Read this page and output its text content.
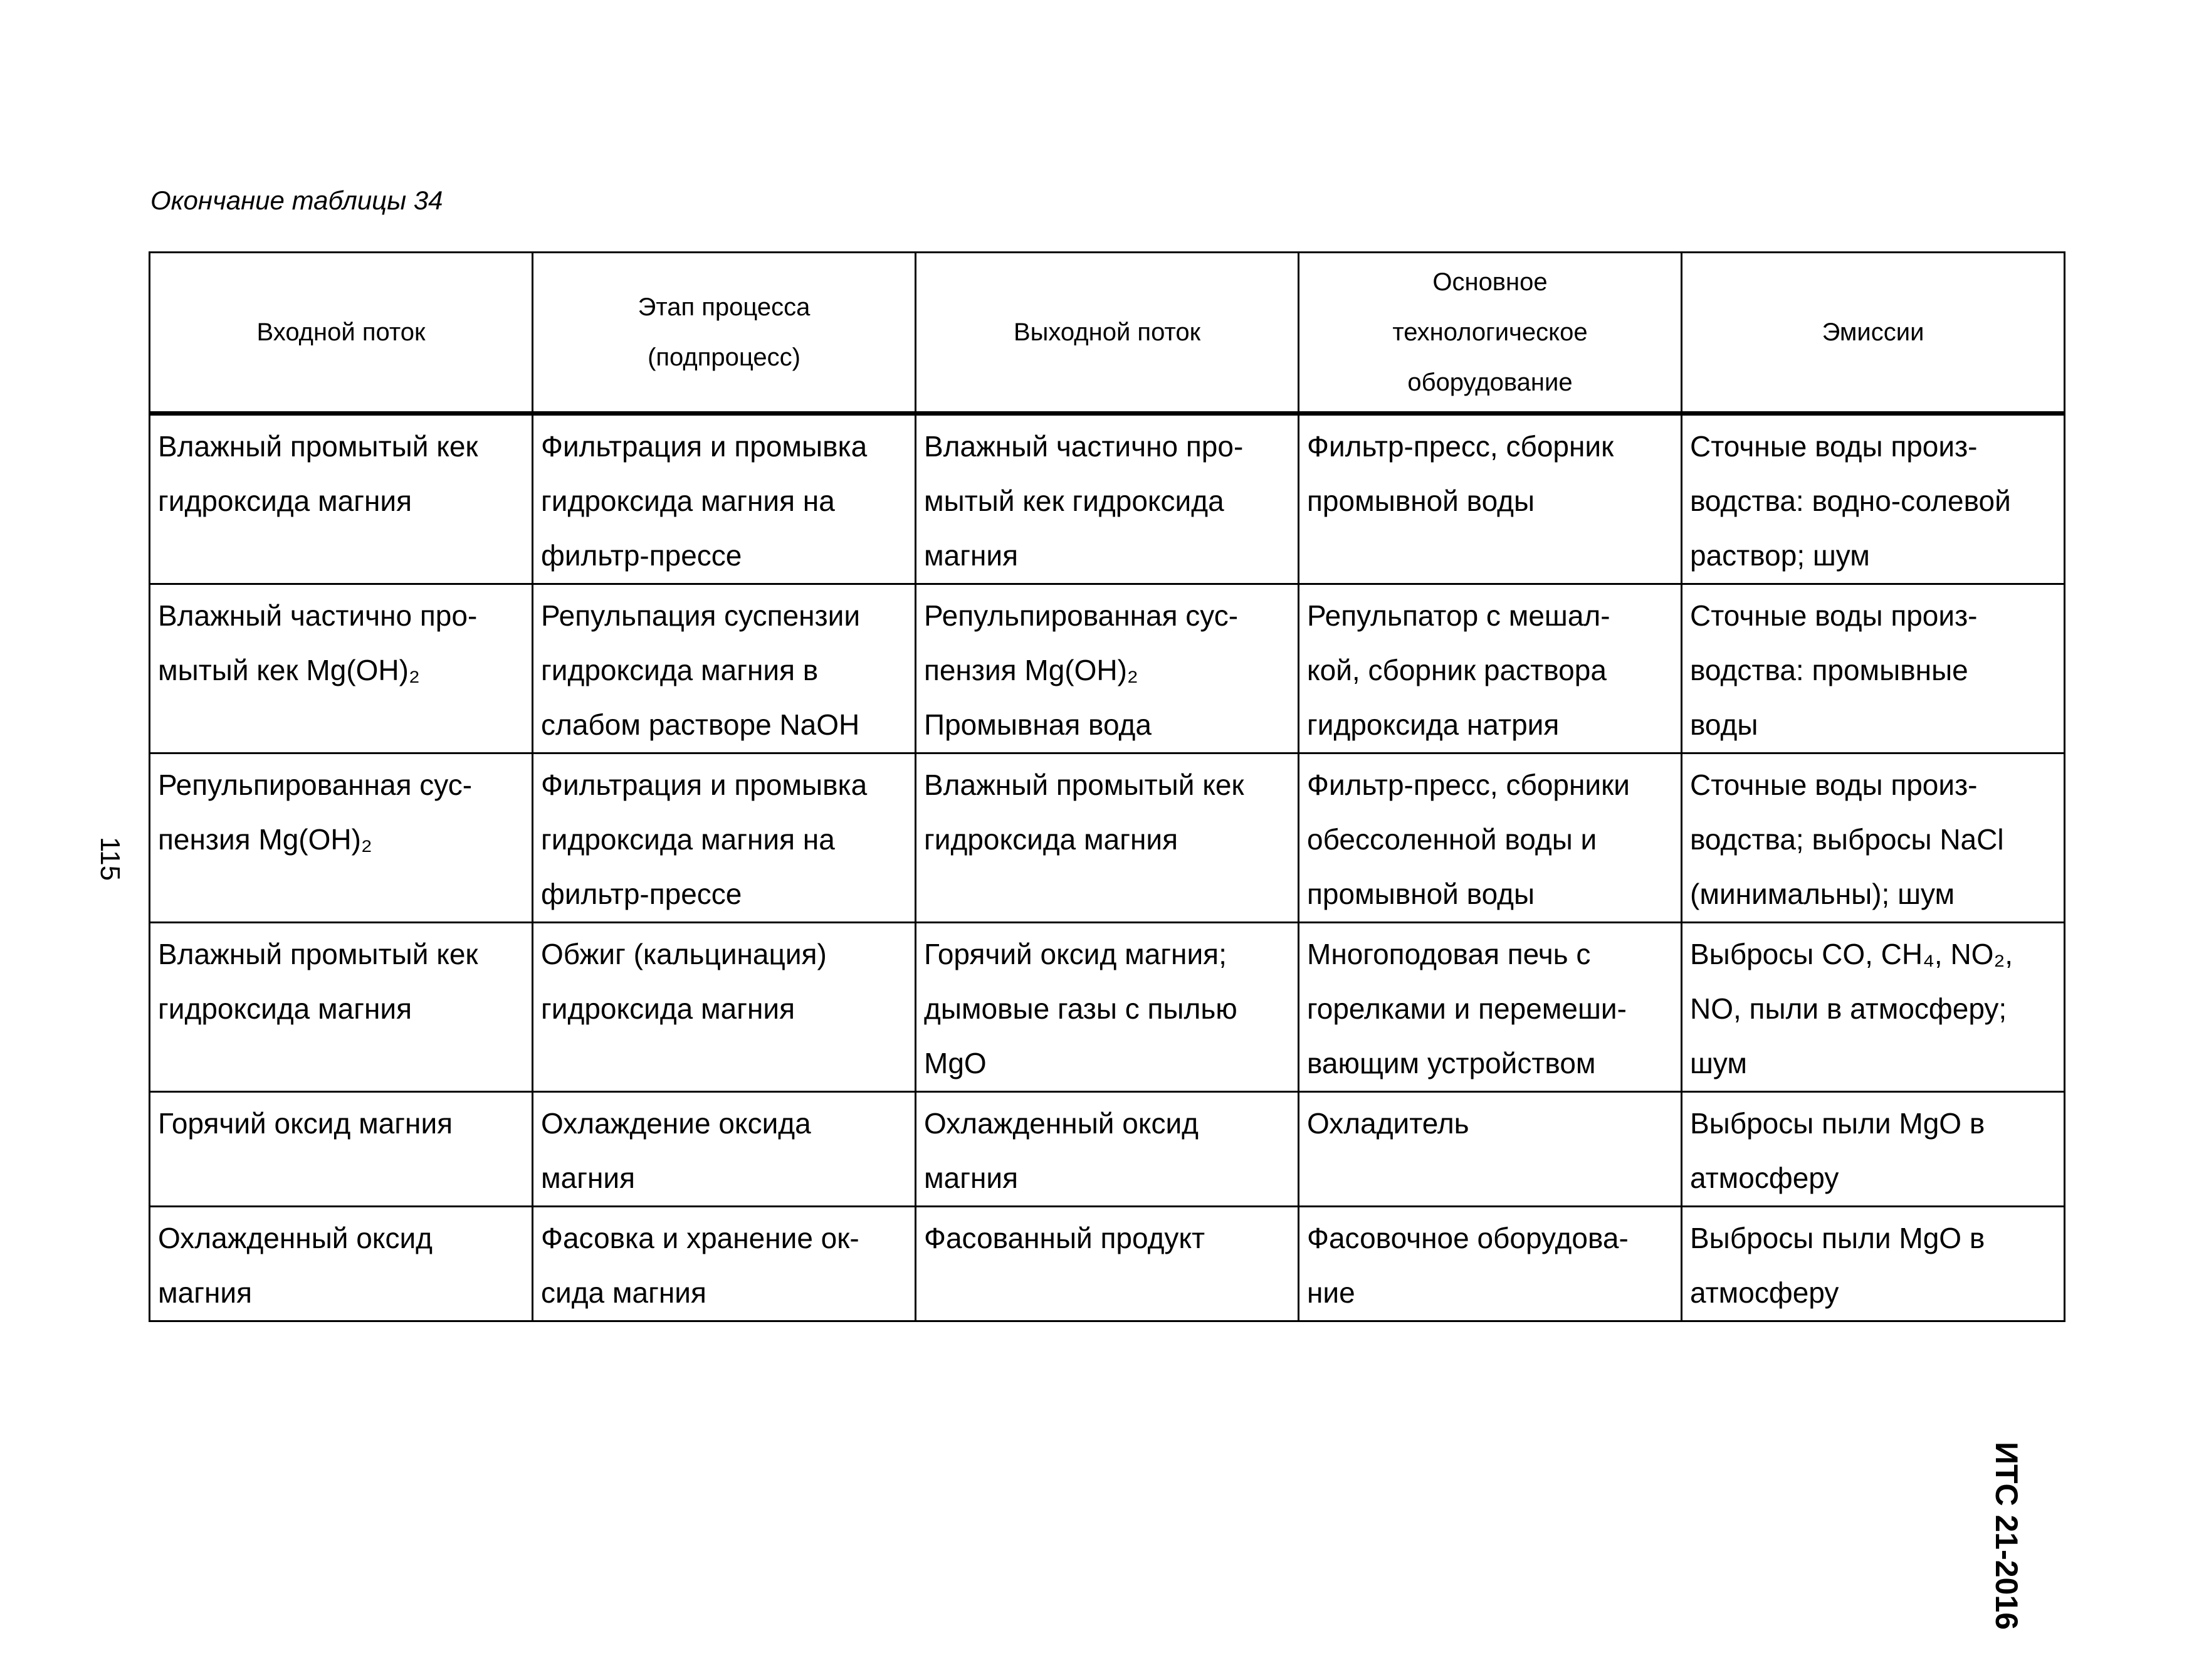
Окончание таблицы 34
Входной поток	Этап процесса
(подпроцесс)	Выходной поток	Основное
технологическое
оборудование	Эмиссии

Влажный промытый кек
гидроксида магния	Фильтрация и промывка
гидроксида магния на
фильтр-прессе	Влажный частично про-
мытый кек гидроксида
магния	Фильтр-пресс, сборник
промывной воды	Сточные воды произ-
водства: водно-солевой
раствор; шум

Влажный частично про-
мытый кек Mg(OH)₂	Репульпация суспензии
гидроксида магния в
слабом растворе NaOH	Репульпированная сус-
пензия Mg(OH)₂
Промывная вода	Репульпатор с мешал-
кой, сборник раствора
гидроксида натрия	Сточные воды произ-
водства: промывные
воды

Репульпированная сус-
пензия Mg(OH)₂	Фильтрация и промывка
гидроксида магния на
фильтр-прессе	Влажный промытый кек
гидроксида магния	Фильтр-пресс, сборники
обессоленной воды и
промывной воды	Сточные воды произ-
водства; выбросы NaCl
(минимальны); шум

Влажный промытый кек
гидроксида магния	Обжиг (кальцинация)
гидроксида магния	Горячий оксид магния;
дымовые газы с пылью
MgO	Многоподовая печь с
горелками и перемеши-
вающим устройством	Выбросы CO, CH₄, NO₂,
NO, пыли в атмосферу;
шум

Горячий оксид магния	Охлаждение оксида
магния	Охлажденный оксид
магния	Охладитель	Выбросы пыли MgO в
атмосферу

Охлажденный оксид
магния	Фасовка и хранение ок-
сида магния	Фасованный продукт	Фасовочное оборудова-
ние	Выбросы пыли MgO в
атмосферу
115
ИТС 21-2016
